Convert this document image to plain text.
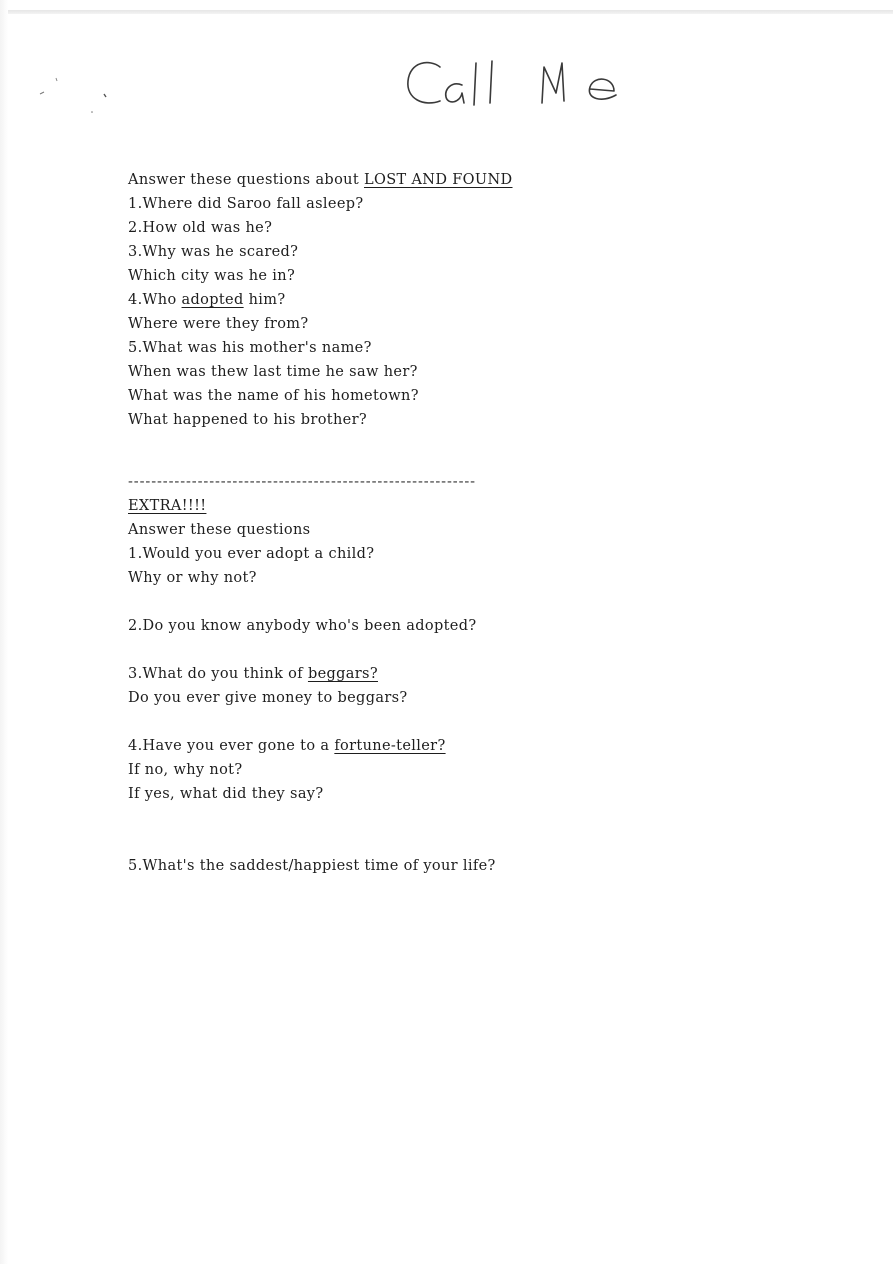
Call Me
Answer these questions about LOST AND FOUND
1.Where did Saroo fall asleep?
2.How old was he?
3.Why was he scared?
Which city was he in?
4.Who adopted him?
Where were they from?
5.What was his mother's name?
When was thew last time he saw her?
What was the name of his hometown?
What happened to his brother?
------------------------------------------------------------
EXTRA!!!!
Answer these questions
1.Would you ever adopt a child?
Why or why not?
2.Do you know anybody who's been adopted?
3.What do you think of beggars?
Do you ever give money to beggars?
4.Have you ever gone to a fortune-teller?
If no, why not?
If yes, what did they say?
5.What's the saddest/happiest time of your life?
